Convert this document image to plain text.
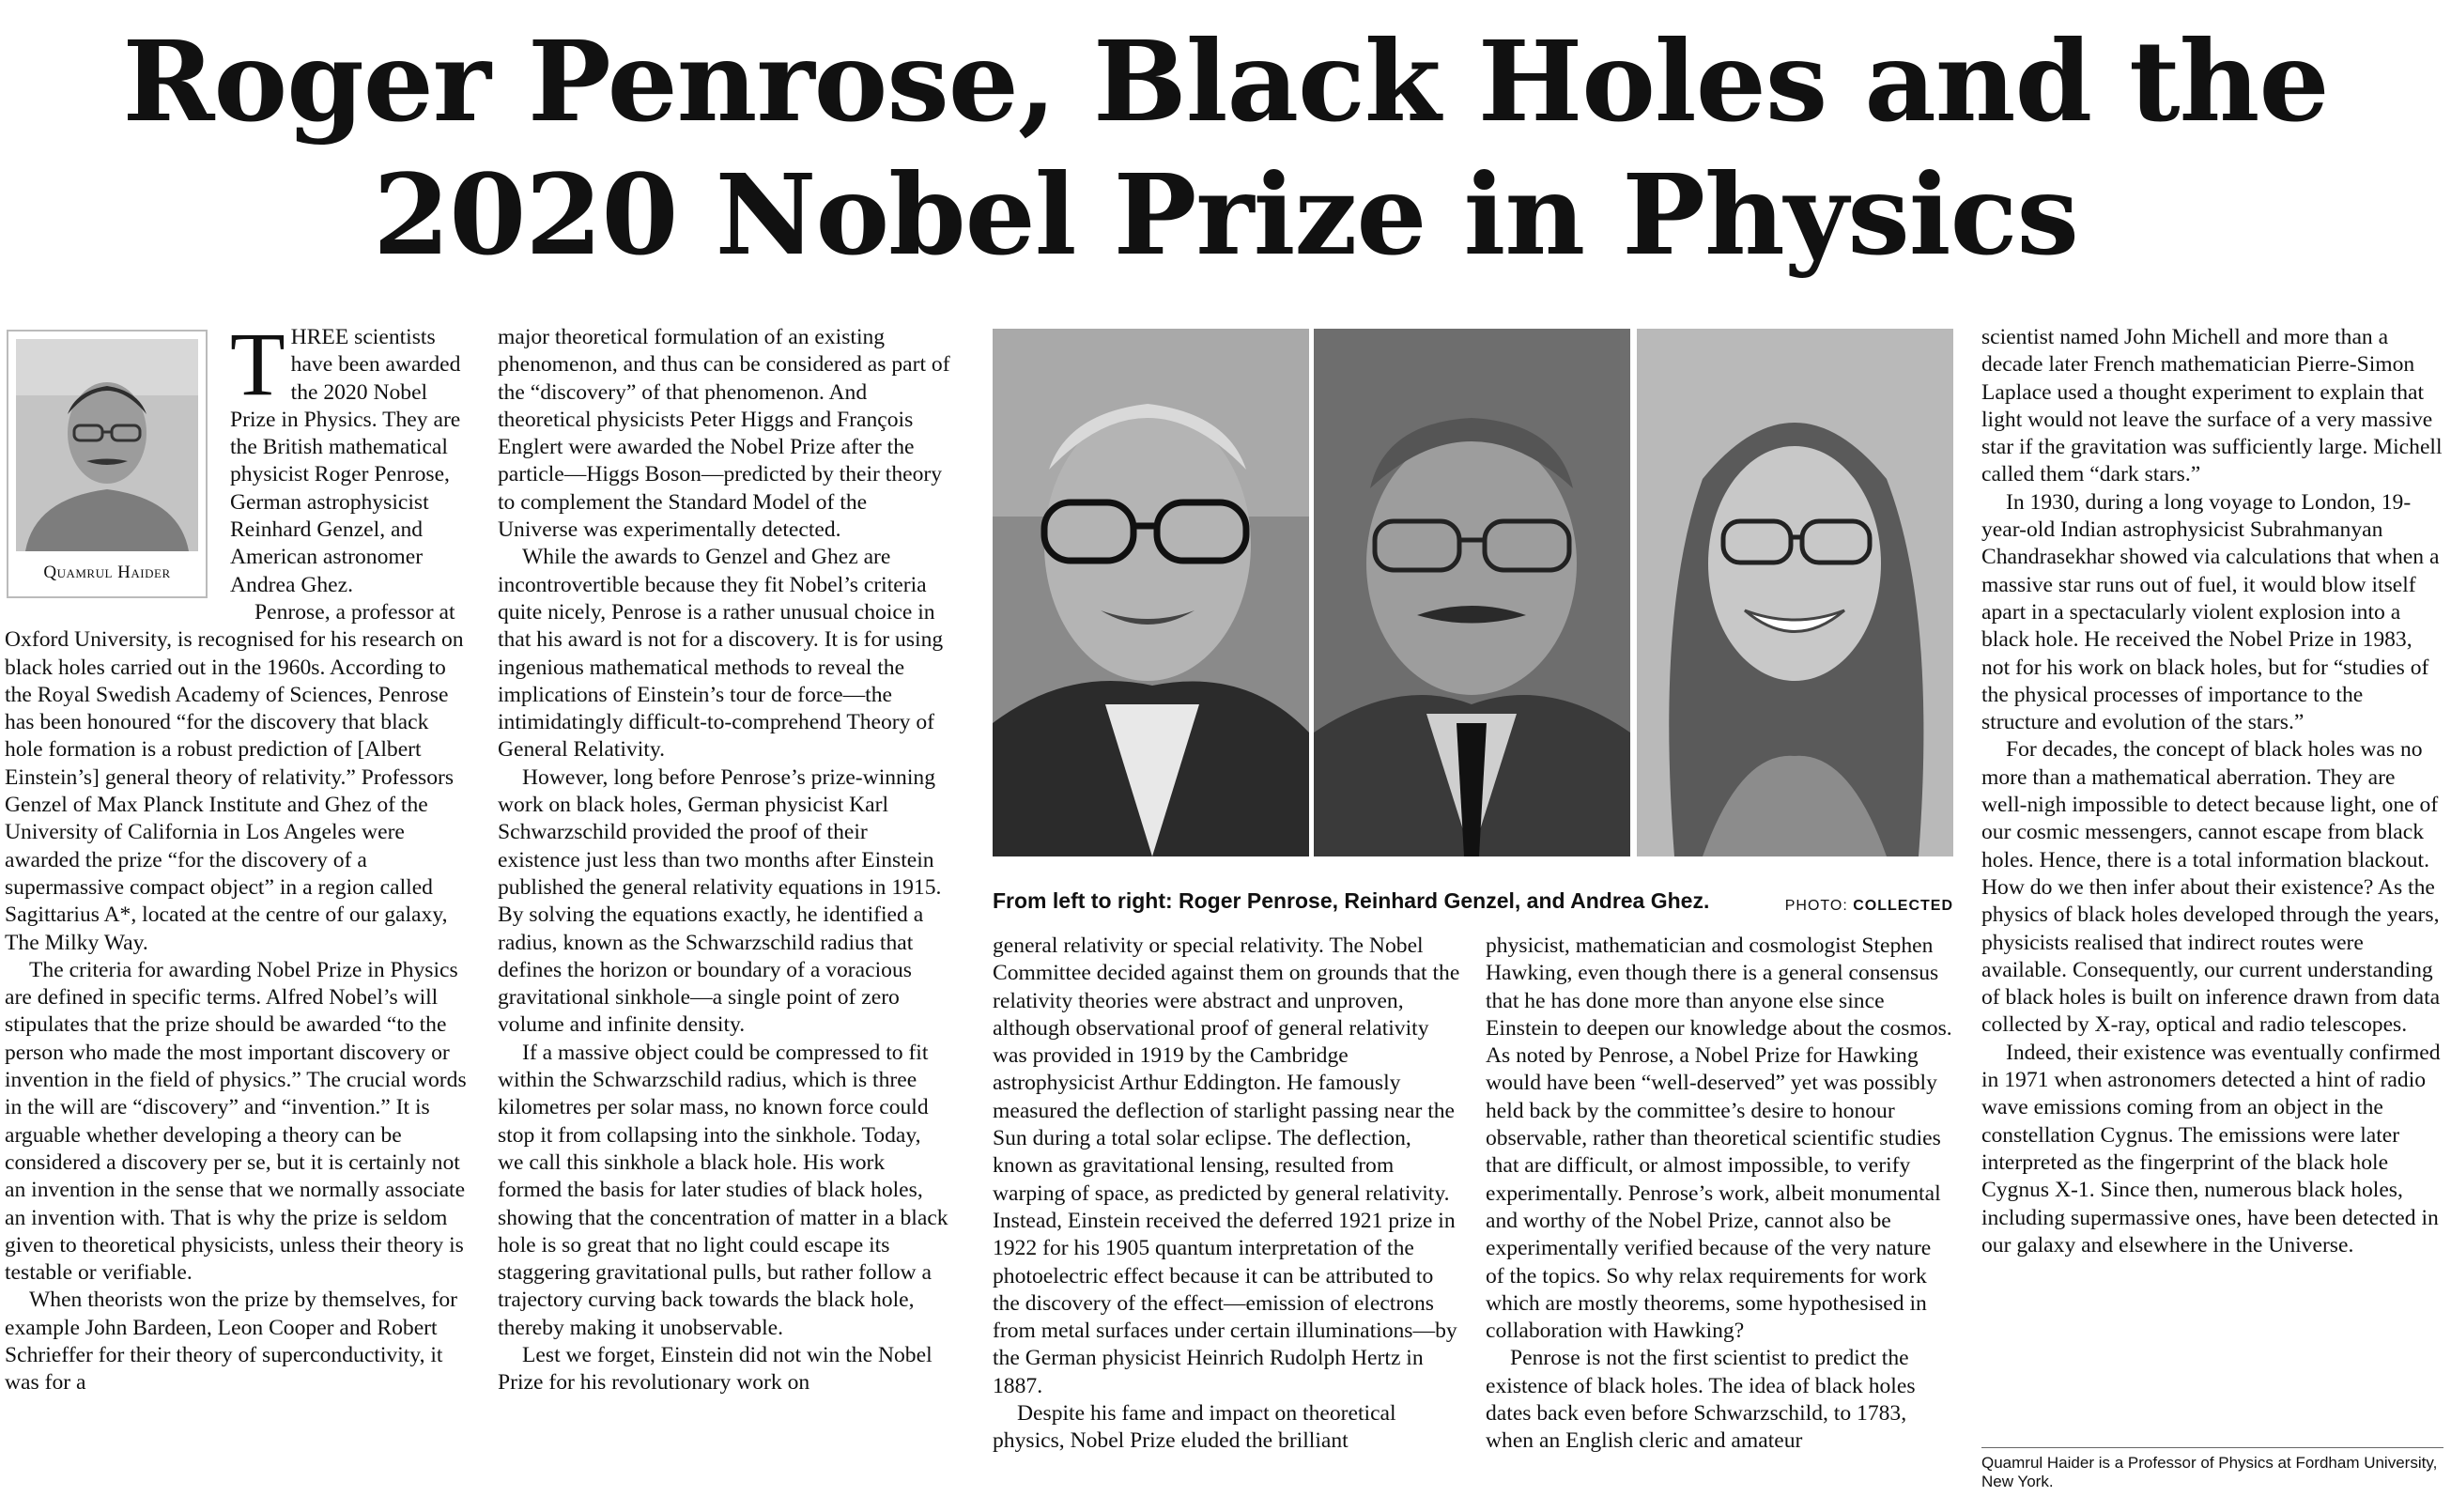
Roger Penrose, Black Holes and the 2020 Nobel Prize in Physics
Quamrul Haider
T HREE scientists have been awarded the 2020 Nobel Prize in Physics. They are the British mathematical physicist Roger Penrose, German astrophysicist Reinhard Genzel, and American astronomer Andrea Ghez.

Penrose, a professor at Oxford University, is recognised for his research on black holes carried out in the 1960s. According to the Royal Swedish Academy of Sciences, Penrose has been honoured “for the discovery that black hole formation is a robust prediction of [Albert Einstein’s] general theory of relativity.” Professors Genzel of Max Planck Institute and Ghez of the University of California in Los Angeles were awarded the prize “for the discovery of a supermassive compact object” in a region called Sagittarius A*, located at the centre of our galaxy, The Milky Way.

The criteria for awarding Nobel Prize in Physics are defined in specific terms. Alfred Nobel’s will stipulates that the prize should be awarded “to the person who made the most important discovery or invention in the field of physics.” The crucial words in the will are “discovery” and “invention.” It is arguable whether developing a theory can be considered a discovery per se, but it is certainly not an invention in the sense that we normally associate an invention with. That is why the prize is seldom given to theoretical physicists, unless their theory is testable or verifiable.

When theorists won the prize by themselves, for example John Bardeen, Leon Cooper and Robert Schrieffer for their theory of superconductivity, it was for a

major theoretical formulation of an existing phenomenon, and thus can be considered as part of the “discovery” of that phenomenon. And theoretical physicists Peter Higgs and François Englert were awarded the Nobel Prize after the particle—Higgs Boson—predicted by their theory to complement the Standard Model of the Universe was experimentally detected.

While the awards to Genzel and Ghez are incontrovertible because they fit Nobel’s criteria quite nicely, Penrose is a rather unusual choice in that his award is not for a discovery. It is for using ingenious mathematical methods to reveal the implications of Einstein’s tour de force—the intimidatingly difficult-to-comprehend Theory of General Relativity.

However, long before Penrose’s prize-winning work on black holes, German physicist Karl Schwarzschild provided the proof of their existence just less than two months after Einstein published the general relativity equations in 1915. By solving the equations exactly, he identified a radius, known as the Schwarzschild radius that defines the horizon or boundary of a voracious gravitational sinkhole—a single point of zero volume and infinite density.

If a massive object could be compressed to fit within the Schwarzschild radius, which is three kilometres per solar mass, no known force could stop it from collapsing into the sinkhole. Today, we call this sinkhole a black hole. His work formed the basis for later studies of black holes, showing that the concentration of matter in a black hole is so great that no light could escape its staggering gravitational pulls, but rather follow a trajectory curving back towards the black hole, thereby making it unobservable.

Lest we forget, Einstein did not win the Nobel Prize for his revolutionary work on

From left to right: Roger Penrose, Reinhard Genzel, and Andrea Ghez.	PHOTO: COLLECTED

general relativity or special relativity. The Nobel Committee decided against them on grounds that the relativity theories were abstract and unproven, although observational proof of general relativity was provided in 1919 by the Cambridge astrophysicist Arthur Eddington. He famously measured the deflection of starlight passing near the Sun during a total solar eclipse. The deflection, known as gravitational lensing, resulted from warping of space, as predicted by general relativity. Instead, Einstein received the deferred 1921 prize in 1922 for his 1905 quantum interpretation of the photoelectric effect because it can be attributed to the discovery of the effect—emission of electrons from metal surfaces under certain illuminations—by the German physicist Heinrich Rudolph Hertz in 1887.

Despite his fame and impact on theoretical physics, Nobel Prize eluded the brilliant

physicist, mathematician and cosmologist Stephen Hawking, even though there is a general consensus that he has done more than anyone else since Einstein to deepen our knowledge about the cosmos. As noted by Penrose, a Nobel Prize for Hawking would have been “well-deserved” yet was possibly held back by the committee’s desire to honour observable, rather than theoretical scientific studies that are difficult, or almost impossible, to verify experimentally. Penrose’s work, albeit monumental and worthy of the Nobel Prize, cannot also be experimentally verified because of the very nature of the topics. So why relax requirements for work which are mostly theorems, some hypothesised in collaboration with Hawking?

Penrose is not the first scientist to predict the existence of black holes. The idea of black holes dates back even before Schwarzschild, to 1783, when an English cleric and amateur

scientist named John Michell and more than a decade later French mathematician Pierre-Simon Laplace used a thought experiment to explain that light would not leave the surface of a very massive star if the gravitation was sufficiently large. Michell called them “dark stars.”

In 1930, during a long voyage to London, 19-year-old Indian astrophysicist Subrahmanyan Chandrasekhar showed via calculations that when a massive star runs out of fuel, it would blow itself apart in a spectacularly violent explosion into a black hole. He received the Nobel Prize in 1983, not for his work on black holes, but for “studies of the physical processes of importance to the structure and evolution of the stars.”

For decades, the concept of black holes was no more than a mathematical aberration. They are well-nigh impossible to detect because light, one of our cosmic messengers, cannot escape from black holes. Hence, there is a total information blackout. How do we then infer about their existence? As the physics of black holes developed through the years, physicists realised that indirect routes were available. Consequently, our current understanding of black holes is built on inference drawn from data collected by X-ray, optical and radio telescopes.

Indeed, their existence was eventually confirmed in 1971 when astronomers detected a hint of radio wave emissions coming from an object in the constellation Cygnus. The emissions were later interpreted as the fingerprint of the black hole Cygnus X-1. Since then, numerous black holes, including supermassive ones, have been detected in our galaxy and elsewhere in the Universe.

Quamrul Haider is a Professor of Physics at Fordham University, New York.
